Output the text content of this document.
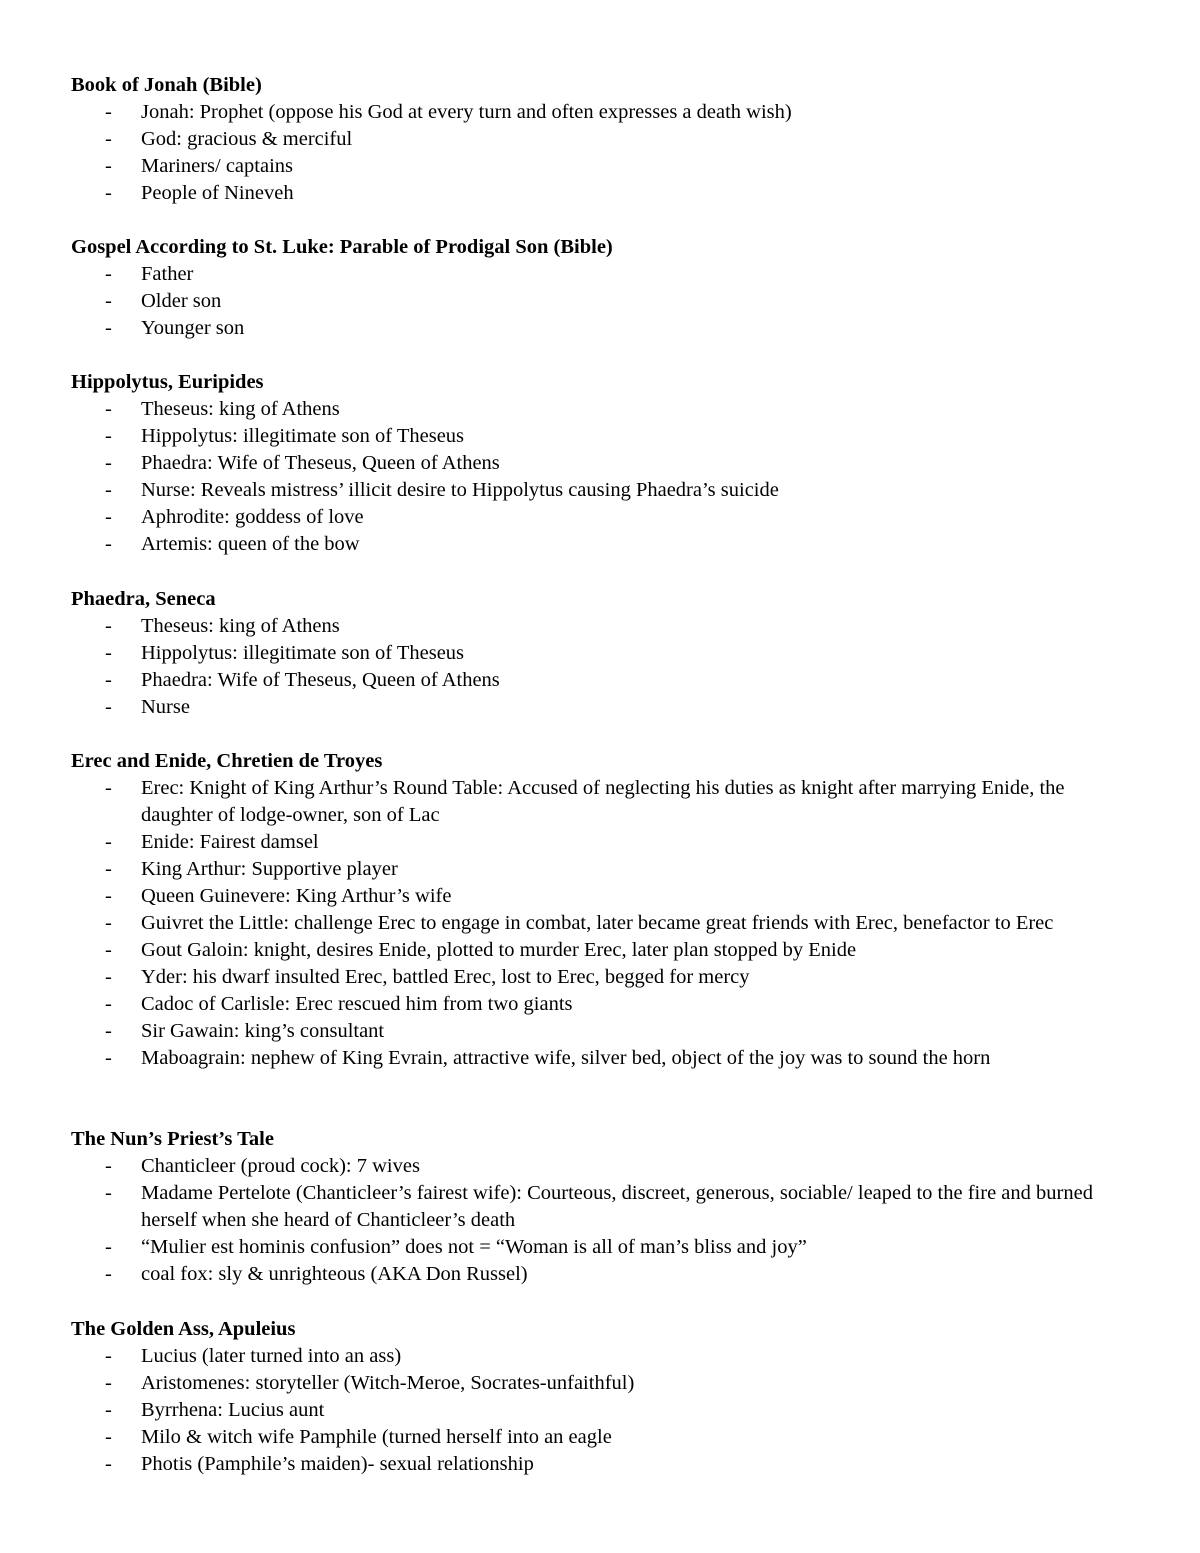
Book of Jonah (Bible)
- Jonah: Prophet (oppose his God at every turn and often expresses a death wish)
- God: gracious & merciful
- Mariners/ captains
- People of Nineveh
Gospel According to St. Luke: Parable of Prodigal Son (Bible)
- Father
- Older son
- Younger son
Hippolytus, Euripides
- Theseus: king of Athens
- Hippolytus: illegitimate son of Theseus
- Phaedra: Wife of Theseus, Queen of Athens
- Nurse: Reveals mistress’ illicit desire to Hippolytus causing Phaedra’s suicide
- Aphrodite: goddess of love
- Artemis: queen of the bow
Phaedra, Seneca
- Theseus: king of Athens
- Hippolytus: illegitimate son of Theseus
- Phaedra: Wife of Theseus, Queen of Athens
- Nurse
Erec and Enide, Chretien de Troyes
- Erec: Knight of King Arthur’s Round Table: Accused of neglecting his duties as knight after marrying Enide, the daughter of lodge-owner, son of Lac
- Enide: Fairest damsel
- King Arthur: Supportive player
- Queen Guinevere: King Arthur’s wife
- Guivret the Little: challenge Erec to engage in combat, later became great friends with Erec, benefactor to Erec
- Gout Galoin: knight, desires Enide, plotted to murder Erec, later plan stopped by Enide
- Yder: his dwarf insulted Erec, battled Erec, lost to Erec, begged for mercy
- Cadoc of Carlisle: Erec rescued him from two giants
- Sir Gawain: king’s consultant
- Maboagrain: nephew of King Evrain, attractive wife, silver bed, object of the joy was to sound the horn
The Nun’s Priest’s Tale
- Chanticleer (proud cock): 7 wives
- Madame Pertelote (Chanticleer’s fairest wife): Courteous, discreet, generous, sociable/ leaped to the fire and burned herself when she heard of Chanticleer’s death
- “Mulier est hominis confusion” does not = “Woman is all of man’s bliss and joy”
- coal fox: sly & unrighteous (AKA Don Russel)
The Golden Ass, Apuleius
- Lucius (later turned into an ass)
- Aristomenes: storyteller (Witch-Meroe, Socrates-unfaithful)
- Byrrhena: Lucius aunt
- Milo & witch wife Pamphile (turned herself into an eagle
- Photis (Pamphile’s maiden)- sexual relationship
